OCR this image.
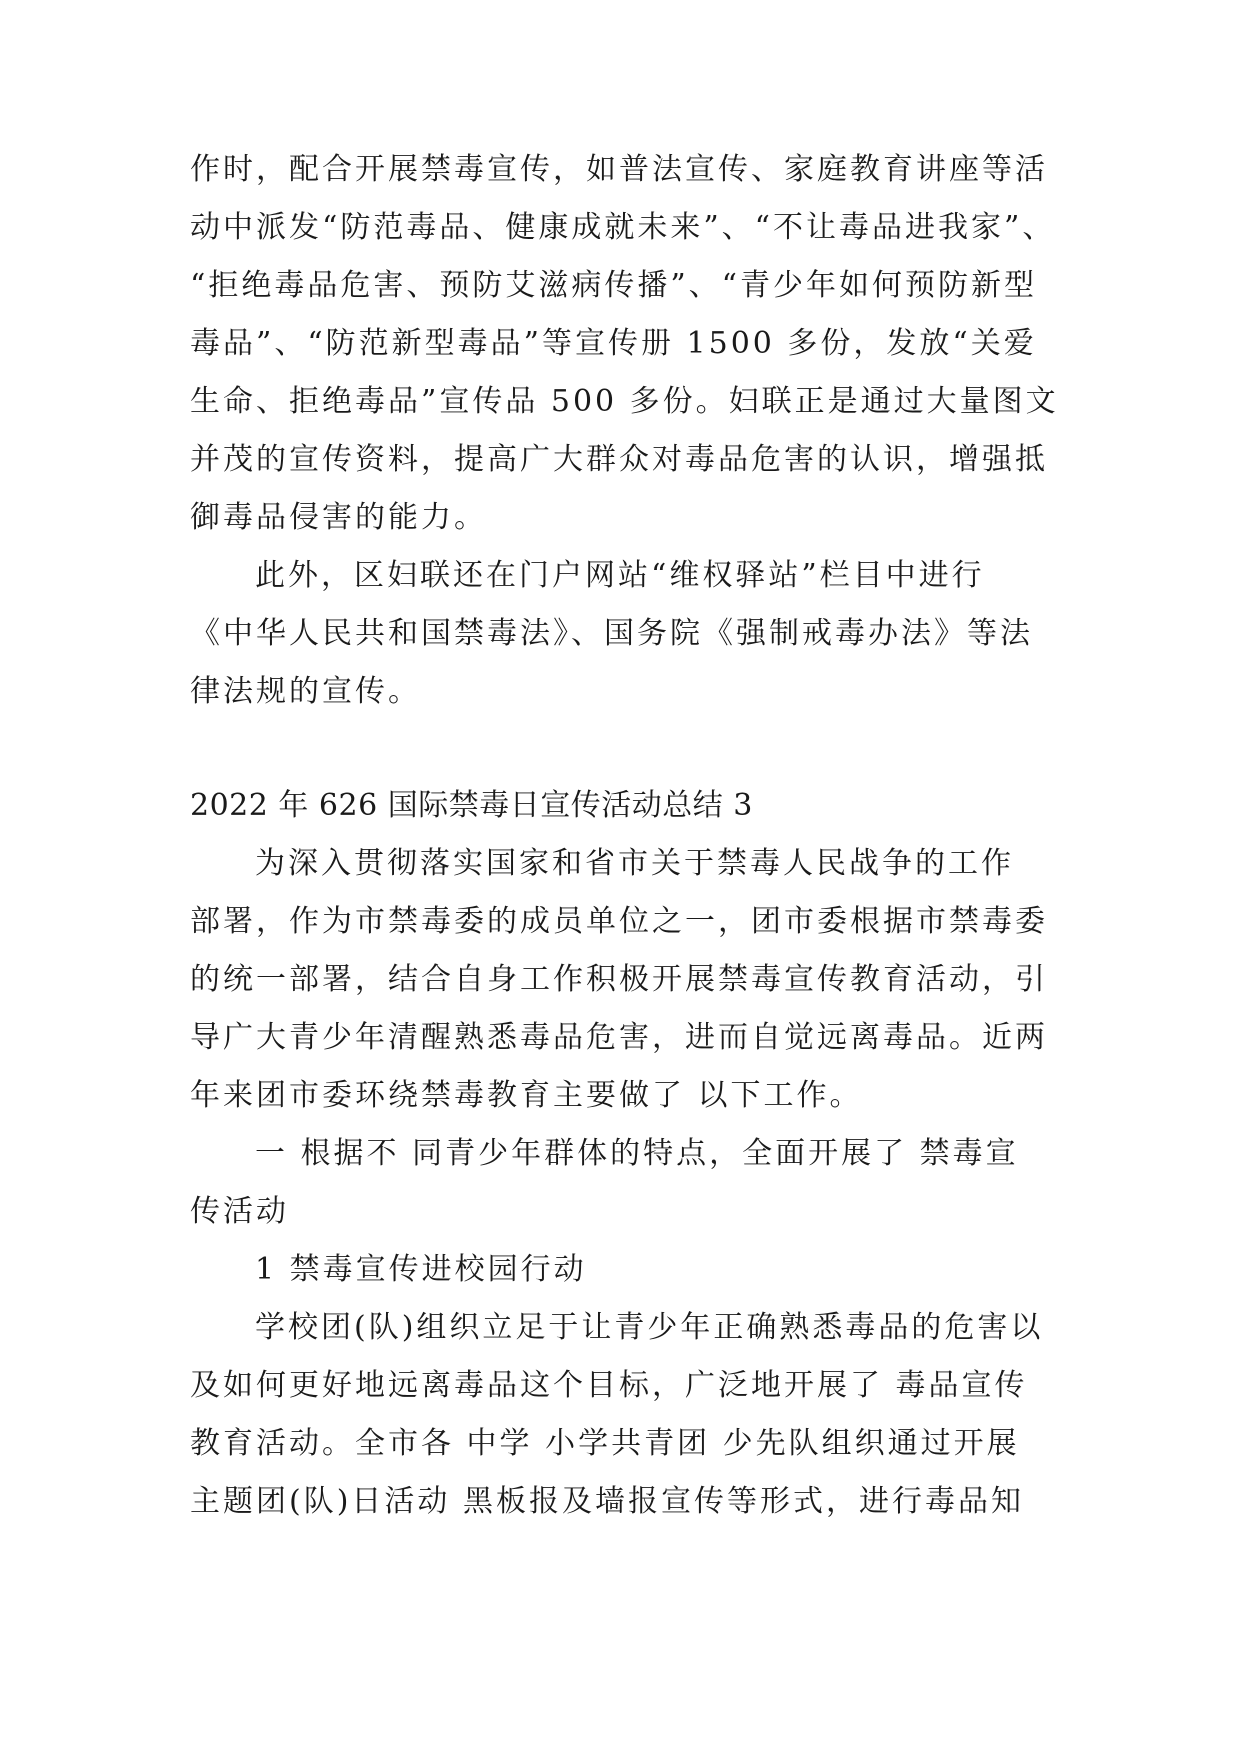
作时，配合开展禁毒宣传，如普法宣传、家庭教育讲座等活
动中派发“防范毒品、健康成就未来”、“不让毒品进我家”、
“拒绝毒品危害、预防艾滋病传播”、“青少年如何预防新型
毒品”、“防范新型毒品”等宣传册 1500 多份，发放“关爱
生命、拒绝毒品”宣传品 500 多份。妇联正是通过大量图文
并茂的宣传资料，提高广大群众对毒品危害的认识，增强抵
御毒品侵害的能力。
此外，区妇联还在门户网站“维权驿站”栏目中进行
《中华人民共和国禁毒法》、国务院《强制戒毒办法》等法
律法规的宣传。
2022 年 626 国际禁毒日宣传活动总结 3
为深入贯彻落实国家和省市关于禁毒人民战争的工作
部署，作为市禁毒委的成员单位之一，团市委根据市禁毒委
的统一部署，结合自身工作积极开展禁毒宣传教育活动，引
导广大青少年清醒熟悉毒品危害，进而自觉远离毒品。近两
年来团市委环绕禁毒教育主要做了 以下工作。
一 根据不 同青少年群体的特点，全面开展了 禁毒宣
传活动
1 禁毒宣传进校园行动
学校团(队)组织立足于让青少年正确熟悉毒品的危害以
及如何更好地远离毒品这个目标，广泛地开展了 毒品宣传
教育活动。全市各 中学 小学共青团 少先队组织通过开展
主题团(队)日活动 黑板报及墙报宣传等形式，进行毒品知
